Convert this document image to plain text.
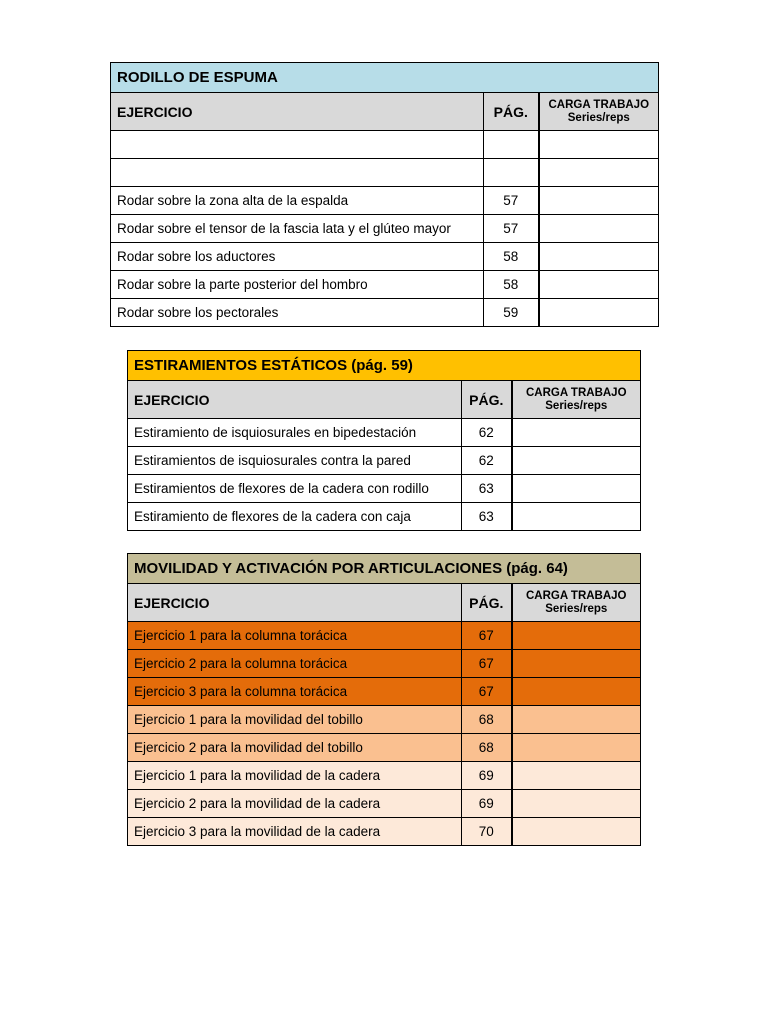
RODILLO DE ESPUMA		
EJERCICIO	PÁG.	CARGA TRABAJO
Series/reps

Rodar sobre la zona alta de la espalda	57	
Rodar sobre el tensor de la fascia lata y el glúteo mayor	57	
Rodar sobre los aductores	58	
Rodar sobre la parte posterior del hombro	58	
Rodar sobre los pectorales	59	
ESTIRAMIENTOS ESTÁTICOS (pág. 59)		
EJERCICIO	PÁG.	CARGA TRABAJO
Series/reps
Estiramiento de isquiosurales en bipedestación	62	
Estiramientos de isquiosurales contra la pared	62	
Estiramientos de flexores de la cadera con rodillo	63	
Estiramiento de flexores de la cadera con caja	63	
MOVILIDAD Y ACTIVACIÓN POR ARTICULACIONES (pág. 64)		
EJERCICIO	PÁG.	CARGA TRABAJO
Series/reps
Ejercicio 1 para la columna torácica	67	
Ejercicio 2 para la columna torácica	67	
Ejercicio 3 para la columna torácica	67	
Ejercicio 1 para la movilidad del tobillo	68	
Ejercicio 2 para la movilidad del tobillo	68	
Ejercicio 1 para la movilidad de la cadera	69	
Ejercicio 2 para la movilidad de la cadera	69	
Ejercicio 3 para la movilidad de la cadera	70	
